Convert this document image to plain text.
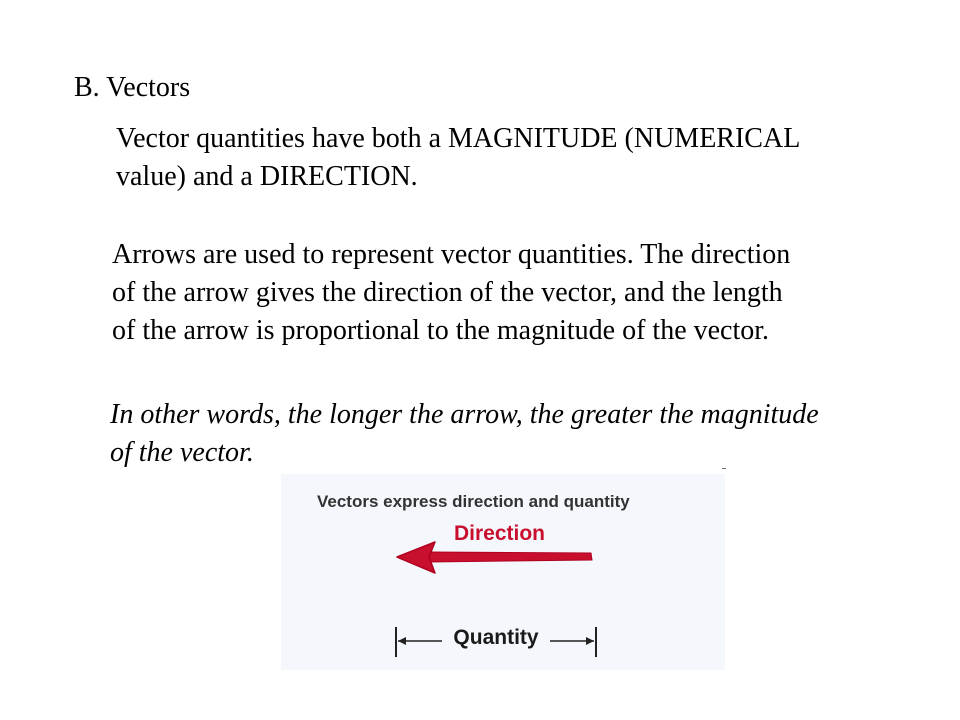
B. Vectors
Vector quantities have both a MAGNITUDE (NUMERICAL
value) and a DIRECTION.
Arrows are used to represent vector quantities. The direction
of the arrow gives the direction of the vector, and the length
of the arrow is proportional to the magnitude of the vector.
In other words, the longer the arrow, the greater the magnitude
of the vector.
Vectors express direction and quantity
Direction
Quantity
